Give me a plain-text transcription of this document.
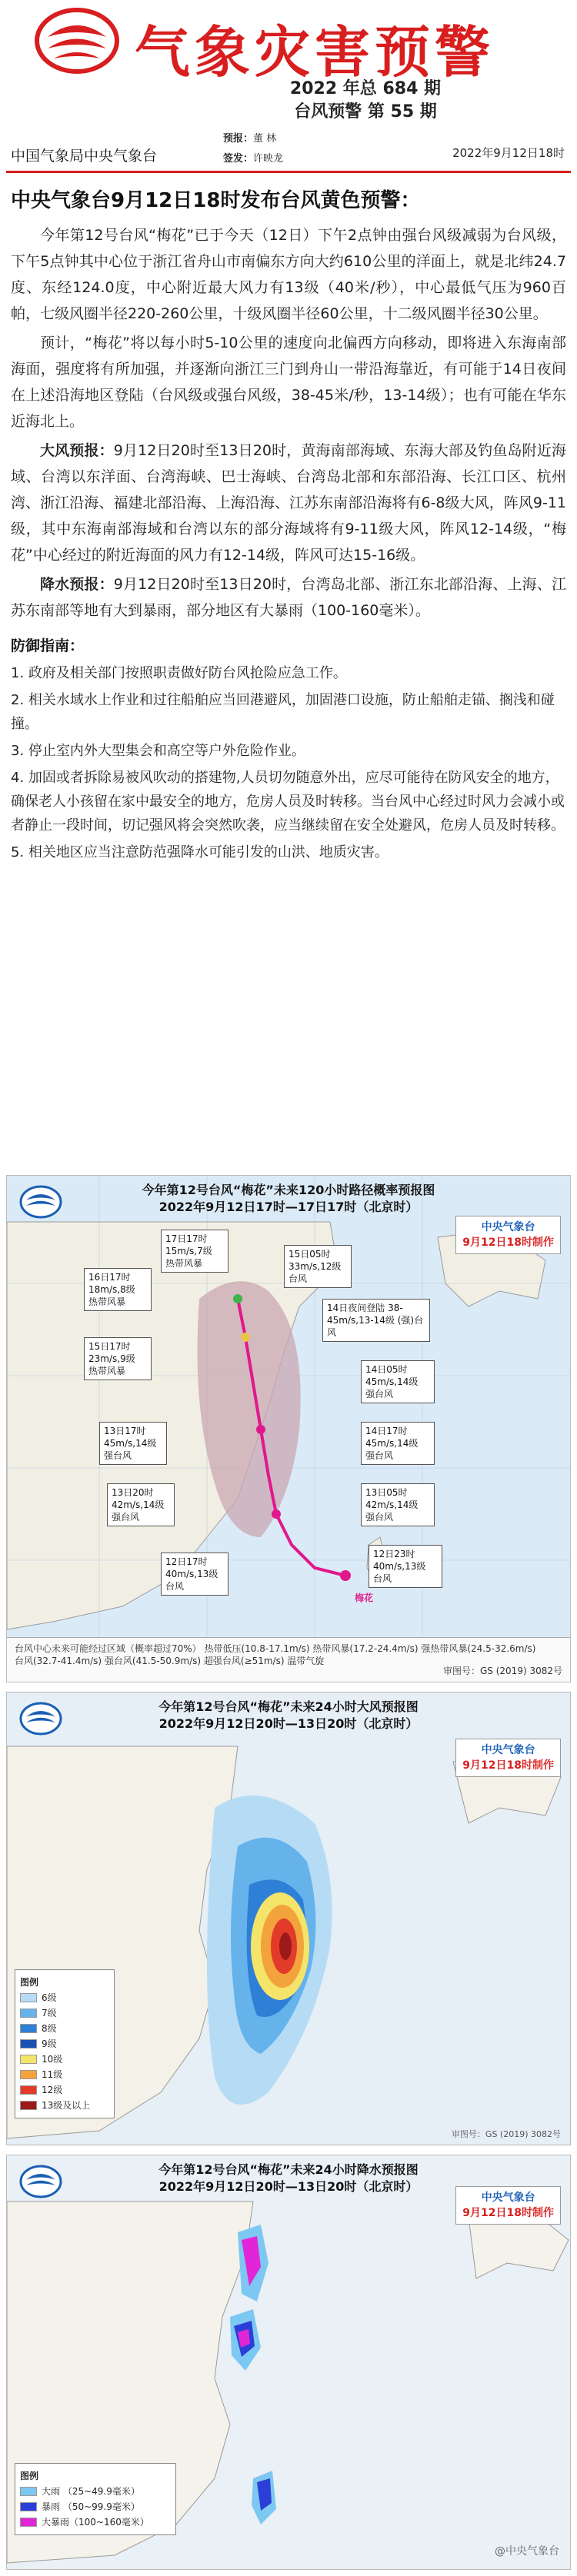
气象灾害预警
2022 年总 684 期
台风预警 第 55 期
中国气象局中央气象台
预报：董 林
签发：许映龙	2022年9月12日18时
中央气象台9月12日18时发布台风黄色预警：

今年第12号台风“梅花”已于今天（12日）下午2点钟由强台风级减弱为台风级，下午5点钟其中心位于浙江省舟山市南偏东方向大约610公里的洋面上，就是北纬24.7度、东经124.0度，中心附近最大风力有13级（40米/秒），中心最低气压为960百帕，七级风圈半径220-260公里，十级风圈半径60公里，十二级风圈半径30公里。

预计，“梅花”将以每小时5-10公里的速度向北偏西方向移动，即将进入东海南部海面，强度将有所加强，并逐渐向浙江三门到舟山一带沿海靠近，有可能于14日夜间在上述沿海地区登陆（台风级或强台风级，38-45米/秒，13-14级）；也有可能在华东近海北上。

大风预报：9月12日20时至13日20时，黄海南部海域、东海大部及钓鱼岛附近海域、台湾以东洋面、台湾海峡、巴士海峡、台湾岛北部和东部沿海、长江口区、杭州湾、浙江沿海、福建北部沿海、上海沿海、江苏东南部沿海将有6-8级大风，阵风9-11级，其中东海南部海域和台湾以东的部分海域将有9-11级大风，阵风12-14级，“梅花”中心经过的附近海面的风力有12-14级，阵风可达15-16级。

降水预报：9月12日20时至13日20时，台湾岛北部、浙江东北部沿海、上海、江苏东南部等地有大到暴雨，部分地区有大暴雨（100-160毫米）。

防御指南：
1. 政府及相关部门按照职责做好防台风抢险应急工作。
2. 相关水域水上作业和过往船舶应当回港避风，加固港口设施，防止船舶走锚、搁浅和碰撞。
3. 停止室内外大型集会和高空等户外危险作业。
4. 加固或者拆除易被风吹动的搭建物,人员切勿随意外出，应尽可能待在防风安全的地方，确保老人小孩留在家中最安全的地方，危房人员及时转移。当台风中心经过时风力会减小或者静止一段时间，切记强风将会突然吹袭，应当继续留在安全处避风，危房人员及时转移。
5. 相关地区应当注意防范强降水可能引发的山洪、地质灾害。
今年第12号台风“梅花”未来120小时路径概率预报图
2022年9月12日17时—17日17时（北京时）
中央气象台
9月12日18时制作
17日17时 15m/s,7级 热带风暴
15日05时 33m/s,12级 台风
14日夜间登陆 38-45m/s,13-14级 (强)台风
16日17时 18m/s,8级 热带风暴
15日17时 23m/s,9级 热带风暴	14日05时 45m/s,14级 强台风
13日17时 45m/s,14级 强台风
14日17时 45m/s,14级 强台风
13日05时 42m/s,14级 强台风
13日20时 42m/s,14级 强台风
12日17时 40m/s,13级 台风
12日23时 40m/s,13级 台风
梅花
台风中心未来可能经过区域（概率超过70%） 热带低压(10.8-17.1m/s) 热带风暴(17.2-24.4m/s) 强热带风暴(24.5-32.6m/s)
台风(32.7-41.4m/s) 强台风(41.5-50.9m/s) 超强台风(≥51m/s) 温带气旋
审图号：GS (2019) 3082号
今年第12号台风“梅花”未来24小时大风预报图
2022年9月12日20时—13日20时（北京时）
中央气象台
9月12日18时制作
图例
6级
7级
8级
9级
10级
11级
12级
13级及以上
审图号：GS (2019) 3082号
今年第12号台风“梅花”未来24小时降水预报图
2022年9月12日20时—13日20时（北京时）
中央气象台
9月12日18时制作
图例
大雨 （25~49.9毫米）
暴雨 （50~99.9毫米）
大暴雨（100~160毫米）
@中央气象台
